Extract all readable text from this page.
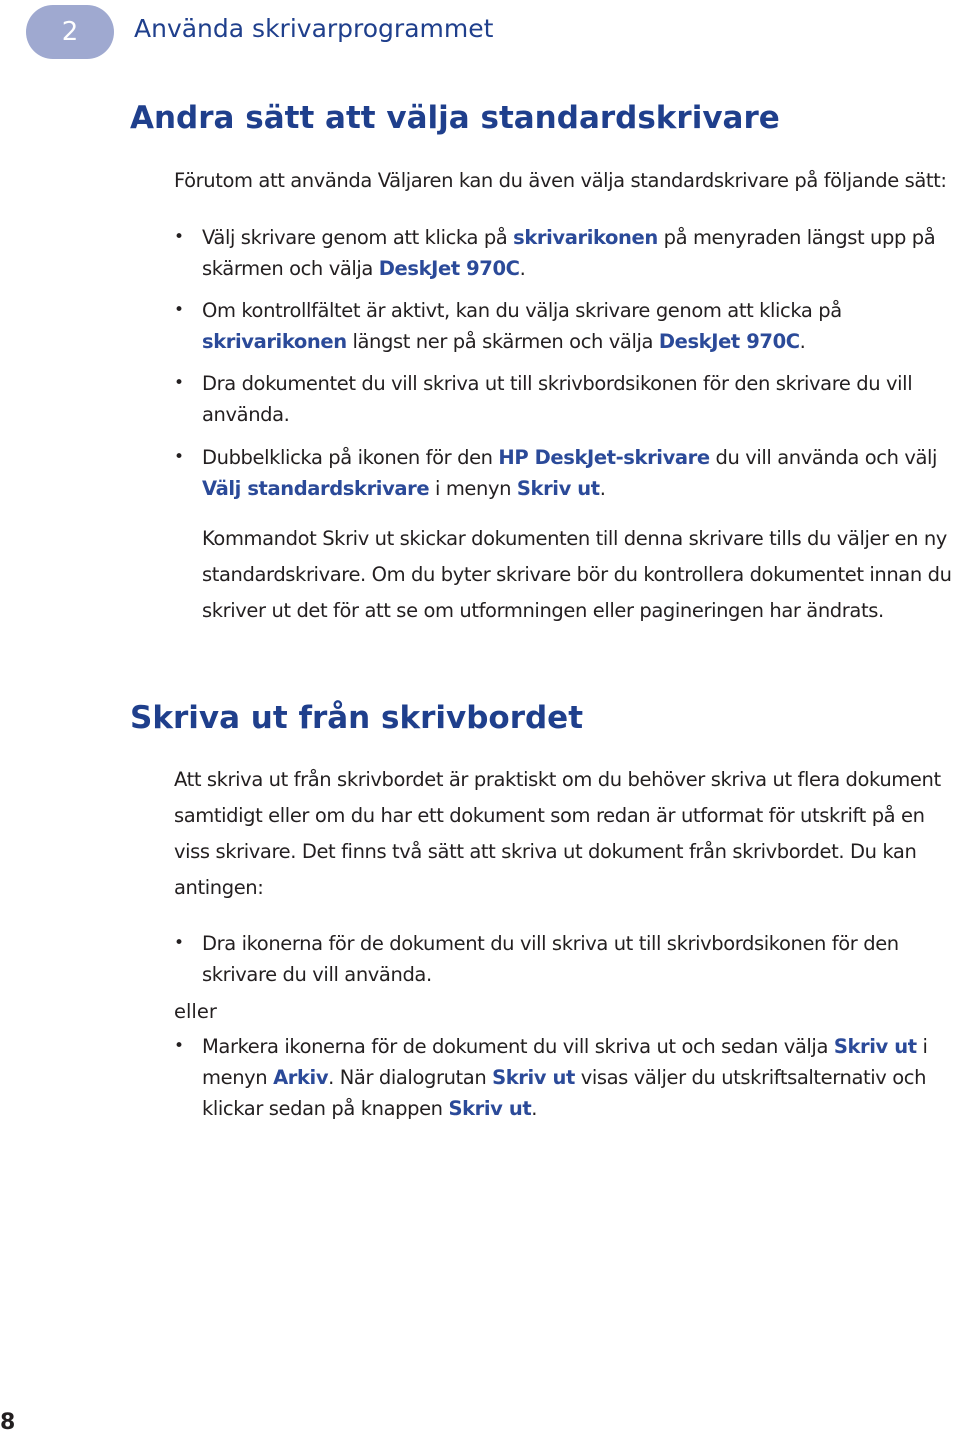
2 Använda skrivarprogrammet
Andra sätt att välja standardskrivare
Förutom att använda Väljaren kan du även välja standardskrivare på följande sätt:
• Välj skrivare genom att klicka på skrivarikonen på menyraden längst upp på skärmen och välja DeskJet 970C.
• Om kontrollfältet är aktivt, kan du välja skrivare genom att klicka på skrivarikonen längst ner på skärmen och välja DeskJet 970C.
• Dra dokumentet du vill skriva ut till skrivbordsikonen för den skrivare du vill använda.
• Dubbelklicka på ikonen för den HP DeskJet-skrivare du vill använda och välj Välj standardskrivare i menyn Skriv ut.
Kommandot Skriv ut skickar dokumenten till denna skrivare tills du väljer en ny standardskrivare. Om du byter skrivare bör du kontrollera dokumentet innan du skriver ut det för att se om utformningen eller pagineringen har ändrats.
Skriva ut från skrivbordet
Att skriva ut från skrivbordet är praktiskt om du behöver skriva ut flera dokument samtidigt eller om du har ett dokument som redan är utformat för utskrift på en viss skrivare. Det finns två sätt att skriva ut dokument från skrivbordet. Du kan antingen:
• Dra ikonerna för de dokument du vill skriva ut till skrivbordsikonen för den skrivare du vill använda.
eller
• Markera ikonerna för de dokument du vill skriva ut och sedan välja Skriv ut i menyn Arkiv. När dialogrutan Skriv ut visas väljer du utskriftsalternativ och klickar sedan på knappen Skriv ut.
8
